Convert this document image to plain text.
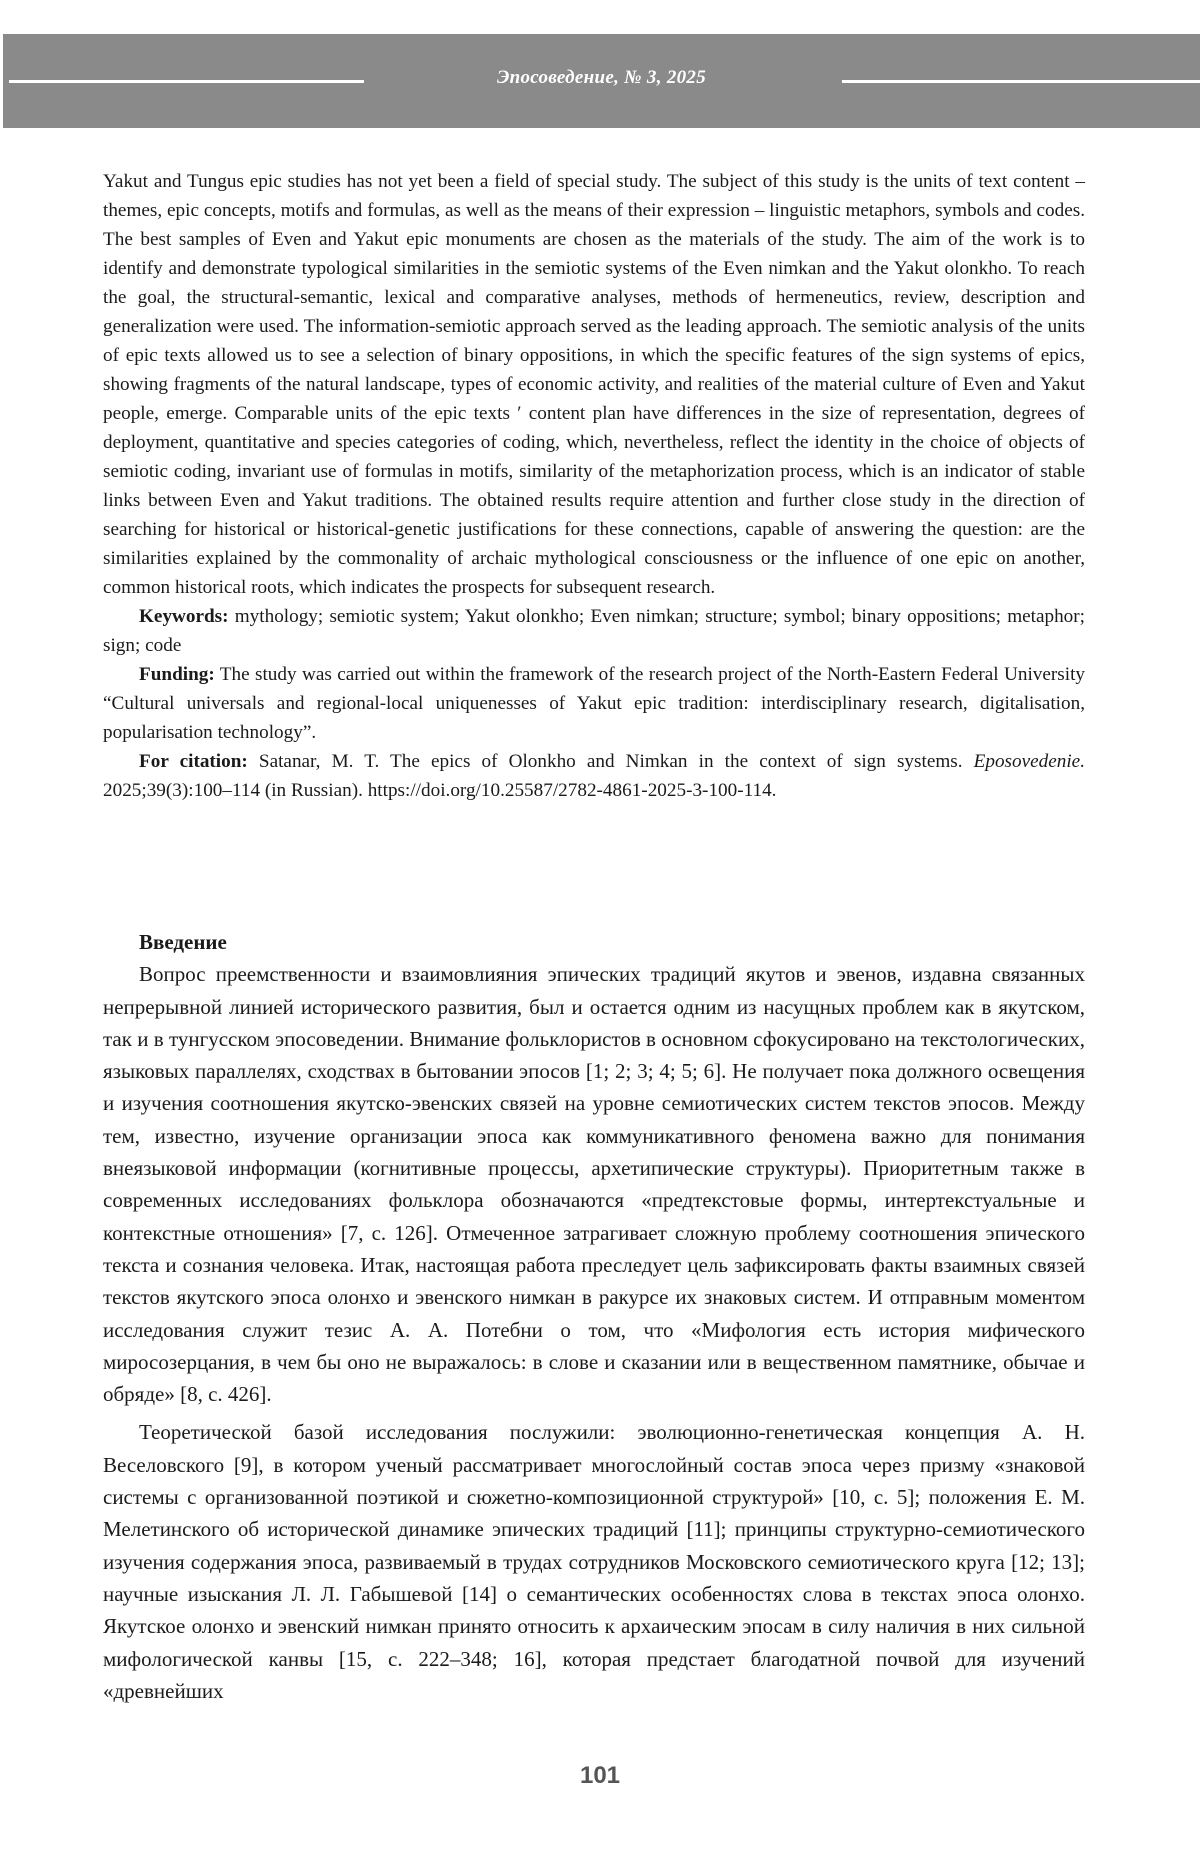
Эпосоведение, № 3, 2025

Yakut and Tungus epic studies has not yet been a field of special study. The subject of this study is the units of text content – themes, epic concepts, motifs and formulas, as well as the means of their expression – linguistic metaphors, symbols and codes. The best samples of Even and Yakut epic monuments are chosen as the materials of the study. The aim of the work is to identify and demonstrate typological similarities in the semiotic systems of the Even nimkan and the Yakut olonkho. To reach the goal, the structural-semantic, lexical and comparative analyses, methods of hermeneutics, review, description and generalization were used. The information-semiotic approach served as the leading approach. The semiotic analysis of the units of epic texts allowed us to see a selection of binary oppositions, in which the specific features of the sign systems of epics, showing fragments of the natural landscape, types of economic activity, and realities of the material culture of Even and Yakut people, emerge. Comparable units of the epic texts ′ content plan have differences in the size of representation, degrees of deployment, quantitative and species categories of coding, which, nevertheless, reflect the identity in the choice of objects of semiotic coding, invariant use of formulas in motifs, similarity of the metaphorization process, which is an indicator of stable links between Even and Yakut traditions. The obtained results require attention and further close study in the direction of searching for historical or historical-genetic justifications for these connections, capable of answering the question: are the similarities explained by the commonality of archaic mythological consciousness or the influence of one epic on another, common historical roots, which indicates the prospects for subsequent research.

Keywords: mythology; semiotic system; Yakut olonkho; Even nimkan; structure; symbol; binary oppositions; metaphor; sign; code

Funding: The study was carried out within the framework of the research project of the North-Eastern Federal University “Cultural universals and regional-local uniquenesses of Yakut epic tradition: interdisciplinary research, digitalisation, popularisation technology”.

For citation: Satanar, M. T. The epics of Olonkho and Nimkan in the context of sign systems. Eposovedenie. 2025;39(3):100–114 (in Russian). https://doi.org/10.25587/2782-4861-2025-3-100-114.

Введение

Вопрос преемственности и взаимовлияния эпических традиций якутов и эвенов, издавна связанных непрерывной линией исторического развития, был и остается одним из насущных проблем как в якутском, так и в тунгусском эпосоведении. Внимание фольклористов в основном сфокусировано на текстологических, языковых параллелях, сходствах в бытовании эпосов [1; 2; 3; 4; 5; 6]. Не получает пока должного освещения и изучения соотношения якутско-эвенских связей на уровне семиотических систем текстов эпосов. Между тем, известно, изучение организации эпоса как коммуникативного феномена важно для понимания внеязыковой информации (когнитивные процессы, архетипические структуры). Приоритетным также в современных исследованиях фольклора обозначаются «предтекстовые формы, интертекстуальные и контекстные отношения» [7, с. 126]. Отмеченное затрагивает сложную проблему соотношения эпического текста и сознания человека. Итак, настоящая работа преследует цель зафиксировать факты взаимных связей текстов якутского эпоса олонхо и эвенского нимкан в ракурсе их знаковых систем. И отправным моментом исследования служит тезис А. А. Потебни о том, что «Мифология есть история мифического миросозерцания, в чем бы оно не выражалось: в слове и сказании или в вещественном памятнике, обычае и обряде» [8, с. 426].

Теоретической базой исследования послужили: эволюционно-генетическая концепция А. Н. Веселовского [9], в котором ученый рассматривает многослойный состав эпоса через призму «знаковой системы с организованной поэтикой и сюжетно-композиционной структурой» [10, с. 5]; положения Е. М. Мелетинского об исторической динамике эпических традиций [11]; принципы структурно-семиотического изучения содержания эпоса, развиваемый в трудах сотрудников Московского семиотического круга [12; 13]; научные изыскания Л. Л. Габышевой [14] о семантических особенностях слова в текстах эпоса олонхо. Якутское олонхо и эвенский нимкан принято относить к архаическим эпосам в силу наличия в них сильной мифологической канвы [15, с. 222–348; 16], которая предстает благодатной почвой для изучений «древнейших

101
